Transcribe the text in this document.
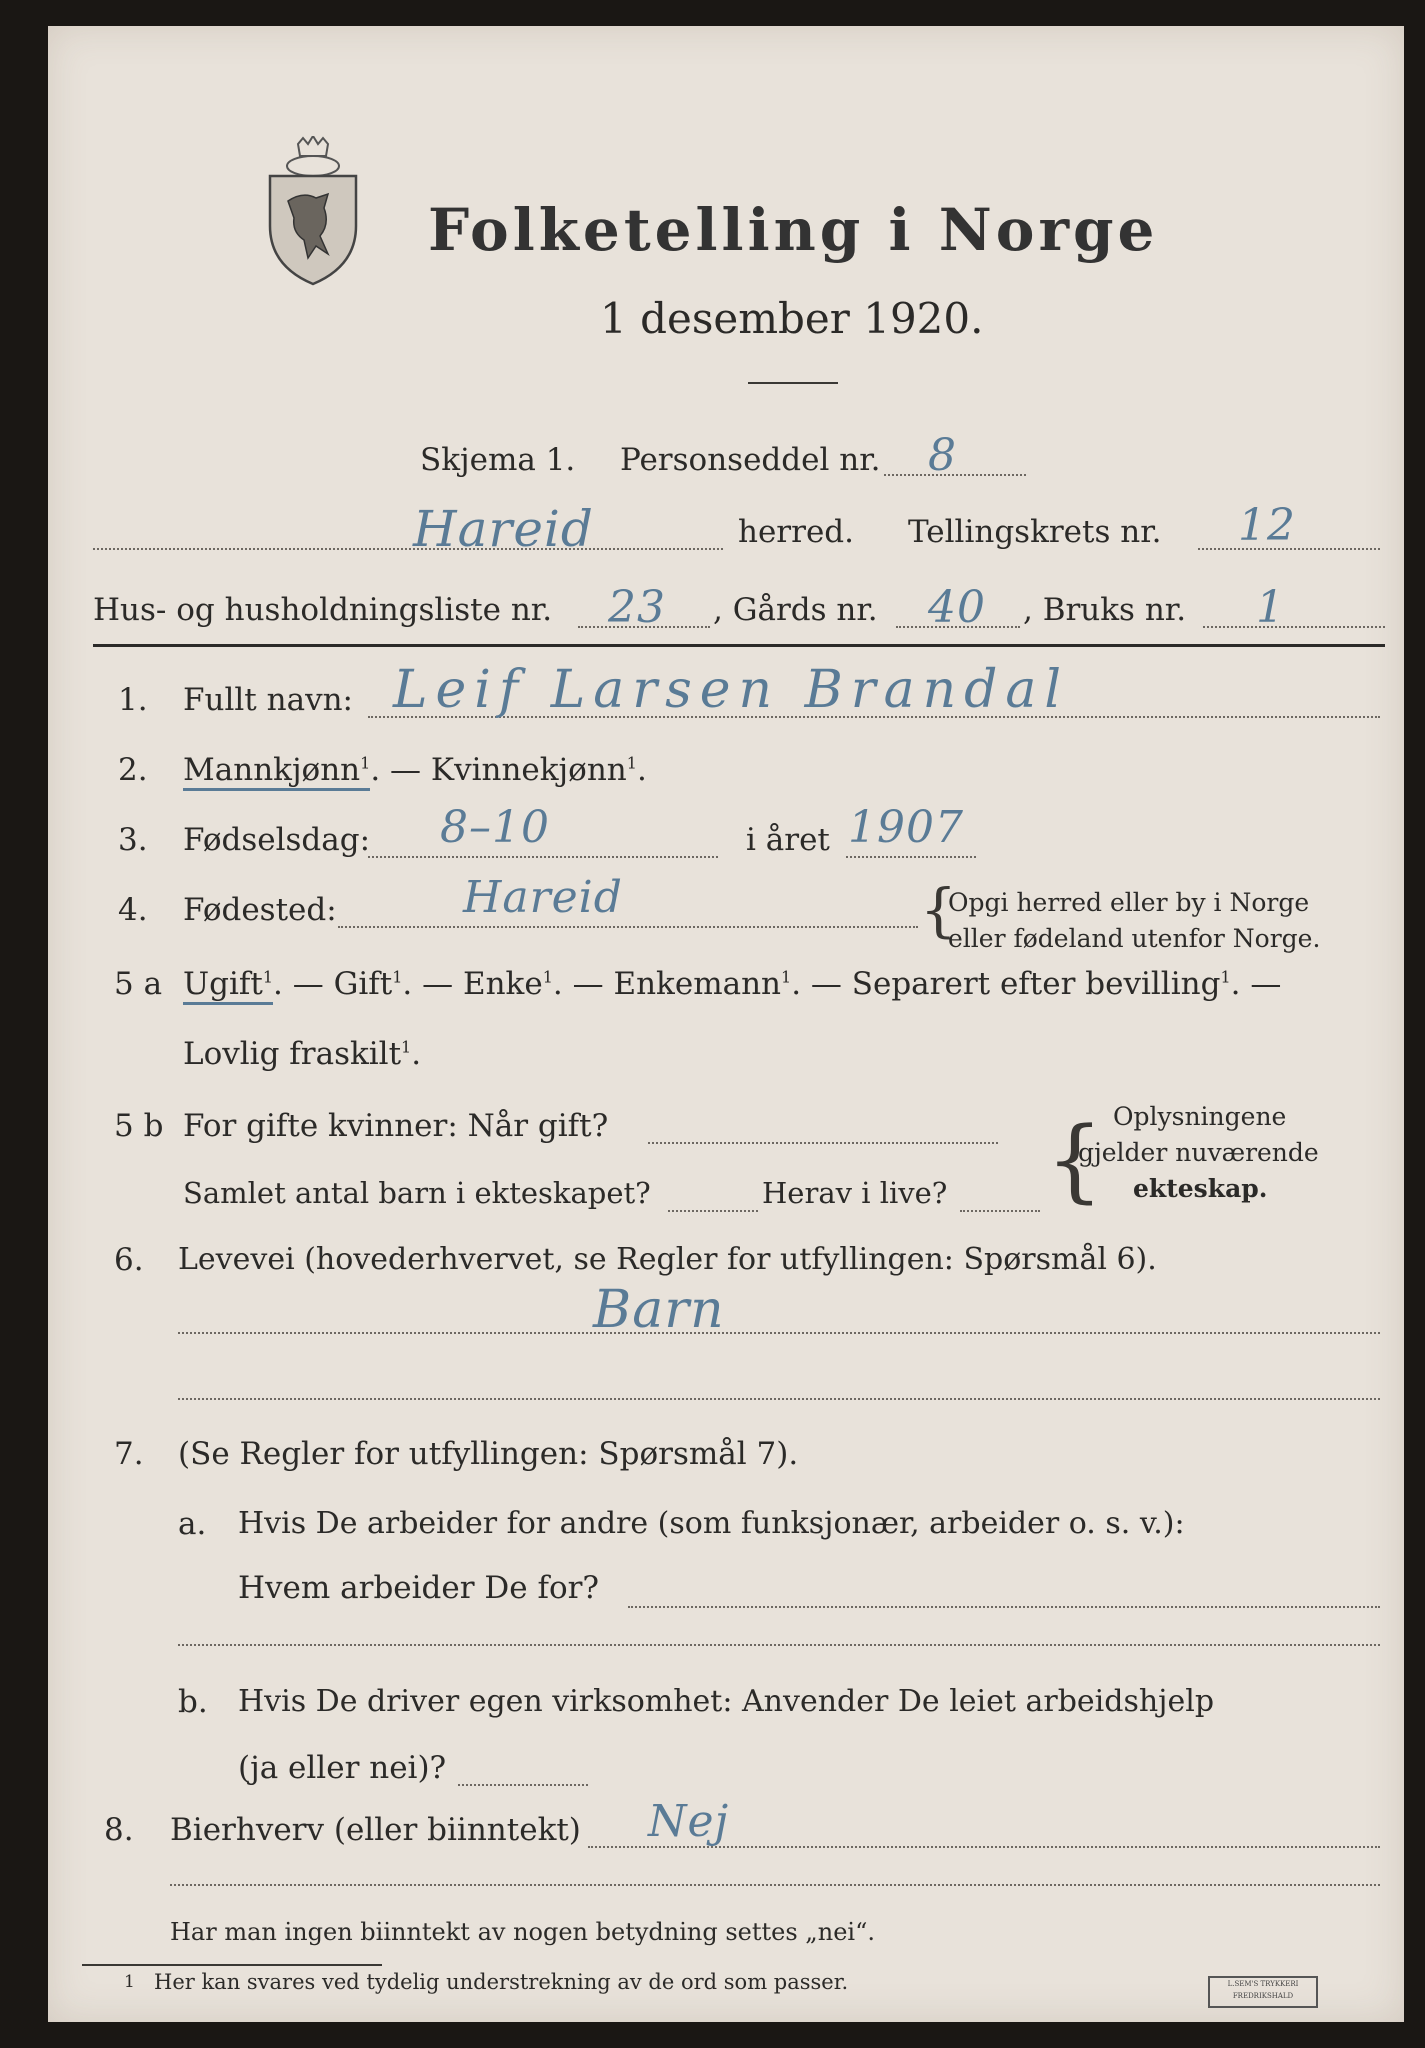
Folketelling i Norge
1 desember 1920.
Skjema 1. Personseddel nr. 8
Hareid	herred. Tellingskrets nr. 12
Hus- og husholdningsliste nr. 23 , Gårds nr. 40 , Bruks nr. 1
1. Fullt navn: Leif Larsen Brandal
2. Mannkjønn$^1$. — Kvinnekjønn$^1$.
3. Fødselsdag: 8–10	i året 1907
4. Fødested:	Hareid	{
Opgi herred eller by i Norge
eller fødeland utenfor Norge.
5 a Ugift$^1$. — Gift$^1$. — Enke$^1$. — Enkemann$^1$. — Separert efter bevilling$^1$. —
Lovlig fraskilt$^1$.
5 b For gifte kvinner: Når gift?
Samlet antal barn i ekteskapet?	Herav i live? { Oplysningene
gjelder nuværende
ekteskap.
6. Levevei (hovederhvervet, se Regler for utfyllingen: Spørsmål 6).
Barn
7. (Se Regler for utfyllingen: Spørsmål 7).
a. Hvis De arbeider for andre (som funksjonær, arbeider o. s. v.):
Hvem arbeider De for?
b. Hvis De driver egen virksomhet: Anvender De leiet arbeidshjelp
(ja eller nei)?
8. Bierhverv (eller biinntekt) Nej
Har man ingen biinntekt av nogen betydning settes „nei“.
1 Her kan svares ved tydelig understrekning av de ord som passer.	L.SEM'S TRYKKERI
FREDRIKSHALD
